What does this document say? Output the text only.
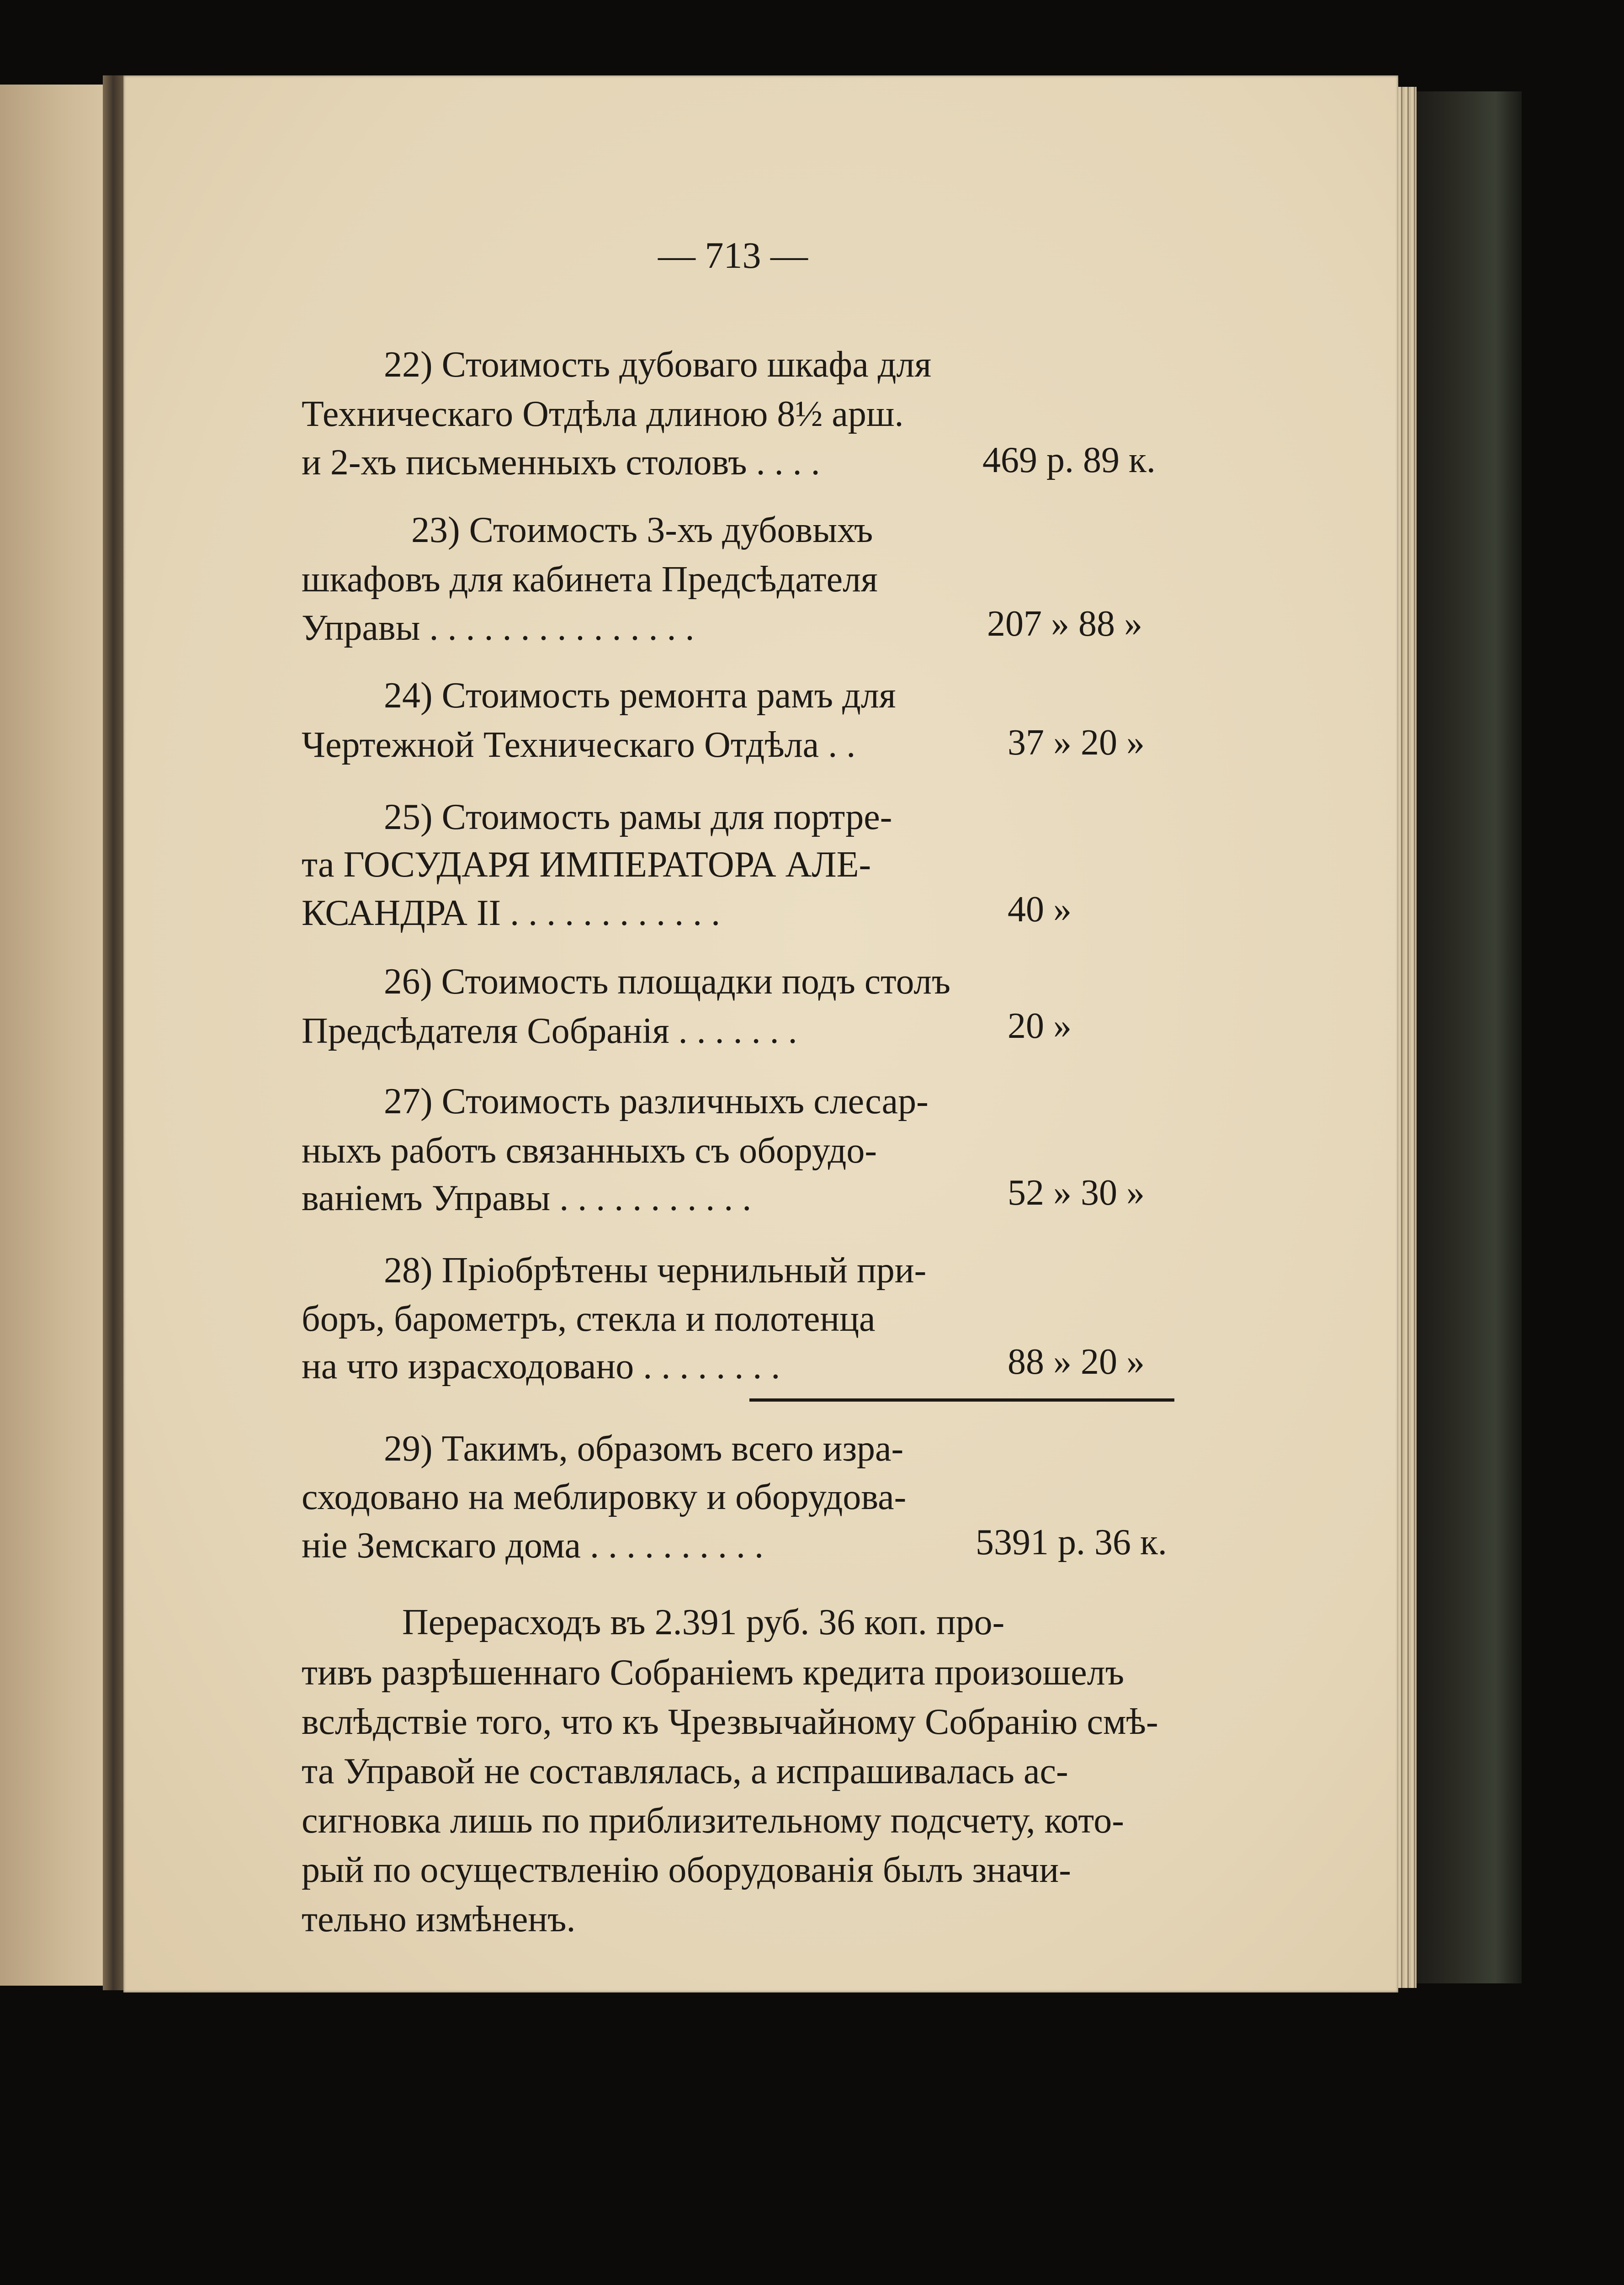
— 713 —
22) Стоимость дубоваго шкафа для
Техническаго Отдѣла длиною 8½ арш.
и 2-хъ письменныхъ столовъ . . . .	469 р. 89 к.
23) Стоимость 3-хъ дубовыхъ
шкафовъ для кабинета Предсѣдателя
Управы . . . . . . . . . . . . . . .	207 » 88 »
24) Стоимость ремонта рамъ для
Чертежной Техническаго Отдѣла . .	37 » 20 »
25) Стоимость рамы для портре-
та ГОСУДАРЯ ИМПЕРАТОРА АЛЕ-
КСАНДРА II . . . . . . . . . . . .	40 »
26) Стоимость площадки подъ столъ
Предсѣдателя Собранія . . . . . . .	20 »
27) Стоимость различныхъ слесар-
ныхъ работъ связанныхъ съ оборудо-
ваніемъ Управы . . . . . . . . . . .	52 » 30 »
28) Пріобрѣтены чернильный при-
боръ, барометръ, стекла и полотенца
на что израсходовано . . . . . . . .	88 » 20 »
29) Такимъ, образомъ всего изра-
сходовано на меблировку и оборудова-
ніе Земскаго дома . . . . . . . . . .	5391 р. 36 к.
Перерасходъ въ 2.391 руб. 36 коп. про-
тивъ разрѣшеннаго Собраніемъ кредита произошелъ
вслѣдствіе того, что къ Чрезвычайному Собранію смѣ-
та Управой не составлялась, а испрашивалась ас-
сигновка лишь по приблизительному подсчету, кото-
рый по осуществленію оборудованія былъ значи-
тельно измѣненъ.
